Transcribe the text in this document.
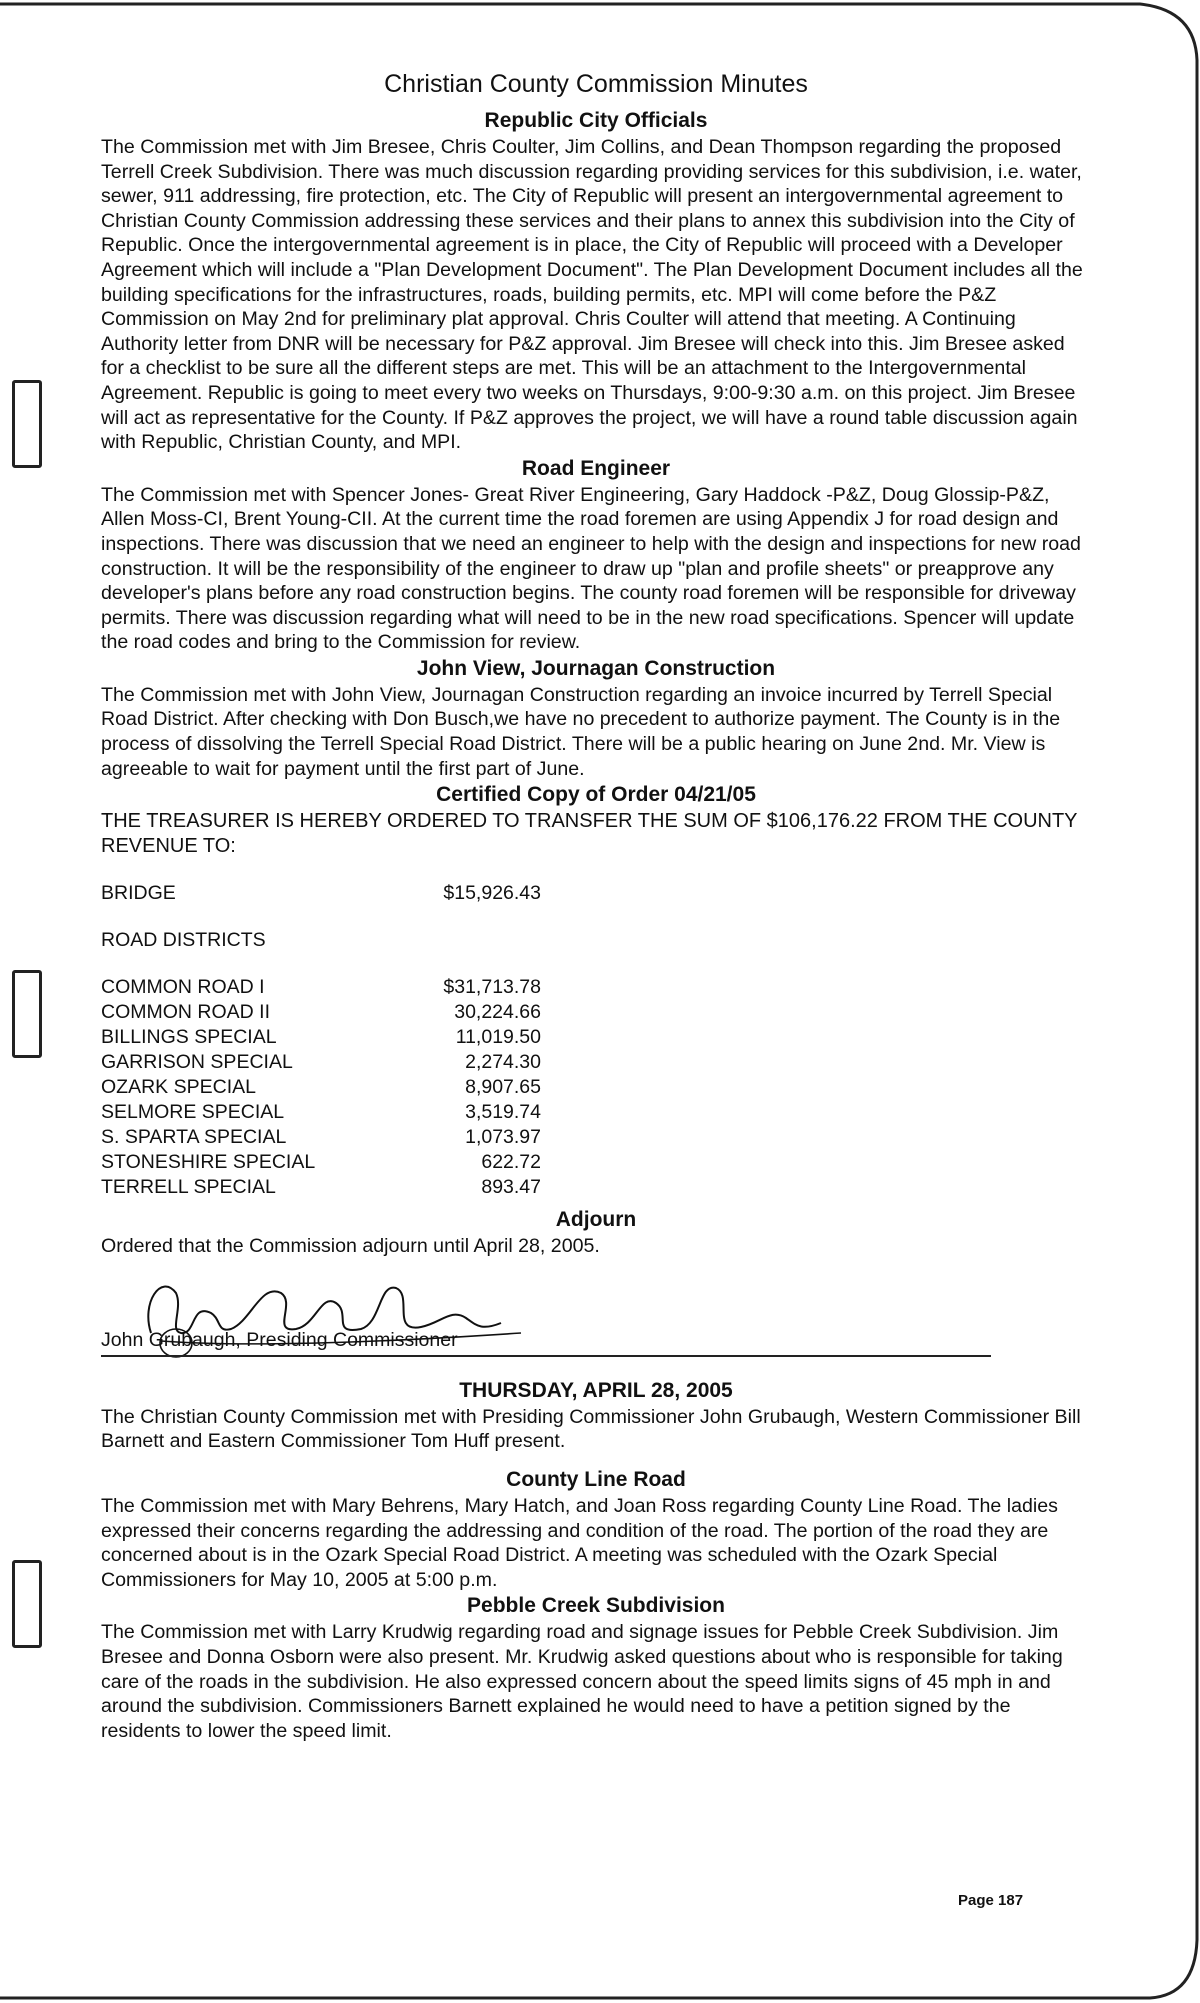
Christian County Commission Minutes
Republic City Officials

The Commission met with Jim Bresee, Chris Coulter, Jim Collins, and Dean Thompson regarding the proposed Terrell Creek Subdivision. There was much discussion regarding providing services for this subdivision, i.e. water, sewer, 911 addressing, fire protection, etc. The City of Republic will present an intergovernmental agreement to Christian County Commission addressing these services and their plans to annex this subdivision into the City of Republic. Once the intergovernmental agreement is in place, the City of Republic will proceed with a Developer Agreement which will include a "Plan Development Document". The Plan Development Document includes all the building specifications for the infrastructures, roads, building permits, etc. MPI will come before the P&Z Commission on May 2nd for preliminary plat approval. Chris Coulter will attend that meeting. A Continuing Authority letter from DNR will be necessary for P&Z approval. Jim Bresee will check into this. Jim Bresee asked for a checklist to be sure all the different steps are met. This will be an attachment to the Intergovernmental Agreement. Republic is going to meet every two weeks on Thursdays, 9:00-9:30 a.m. on this project. Jim Bresee will act as representative for the County. If P&Z approves the project, we will have a round table discussion again with Republic, Christian County, and MPI.

Road Engineer

The Commission met with Spencer Jones- Great River Engineering, Gary Haddock -P&Z, Doug Glossip-P&Z, Allen Moss-CI, Brent Young-CII. At the current time the road foremen are using Appendix J for road design and inspections. There was discussion that we need an engineer to help with the design and inspections for new road construction. It will be the responsibility of the engineer to draw up "plan and profile sheets" or preapprove any developer's plans before any road construction begins. The county road foremen will be responsible for driveway permits. There was discussion regarding what will need to be in the new road specifications. Spencer will update the road codes and bring to the Commission for review.

John View, Journagan Construction

The Commission met with John View, Journagan Construction regarding an invoice incurred by Terrell Special Road District. After checking with Don Busch,we have no precedent to authorize payment. The County is in the process of dissolving the Terrell Special Road District. There will be a public hearing on June 2nd. Mr. View is agreeable to wait for payment until the first part of June.

Certified Copy of Order 04/21/05

THE TREASURER IS HEREBY ORDERED TO TRANSFER THE SUM OF $106,176.22 FROM THE COUNTY REVENUE TO:

BRIDGE	$15,926.43
ROAD DISTRICTS
COMMON ROAD I	$31,713.78
COMMON ROAD II	30,224.66
BILLINGS SPECIAL	11,019.50
GARRISON SPECIAL	2,274.30
OZARK SPECIAL	8,907.65
SELMORE SPECIAL	3,519.74
S. SPARTA SPECIAL	1,073.97
STONESHIRE SPECIAL	622.72
TERRELL SPECIAL	893.47
Adjourn

Ordered that the Commission adjourn until April 28, 2005.

John Grubaugh, Presiding Commissioner
THURSDAY, APRIL 28, 2005

The Christian County Commission met with Presiding Commissioner John Grubaugh, Western Commissioner Bill Barnett and Eastern Commissioner Tom Huff present.

County Line Road

The Commission met with Mary Behrens, Mary Hatch, and Joan Ross regarding County Line Road. The ladies expressed their concerns regarding the addressing and condition of the road. The portion of the road they are concerned about is in the Ozark Special Road District. A meeting was scheduled with the Ozark Special Commissioners for May 10, 2005 at 5:00 p.m.

Pebble Creek Subdivision

The Commission met with Larry Krudwig regarding road and signage issues for Pebble Creek Subdivision. Jim Bresee and Donna Osborn were also present. Mr. Krudwig asked questions about who is responsible for taking care of the roads in the subdivision. He also expressed concern about the speed limits signs of 45 mph in and around the subdivision. Commissioners Barnett explained he would need to have a petition signed by the residents to lower the speed limit.

Page 187
